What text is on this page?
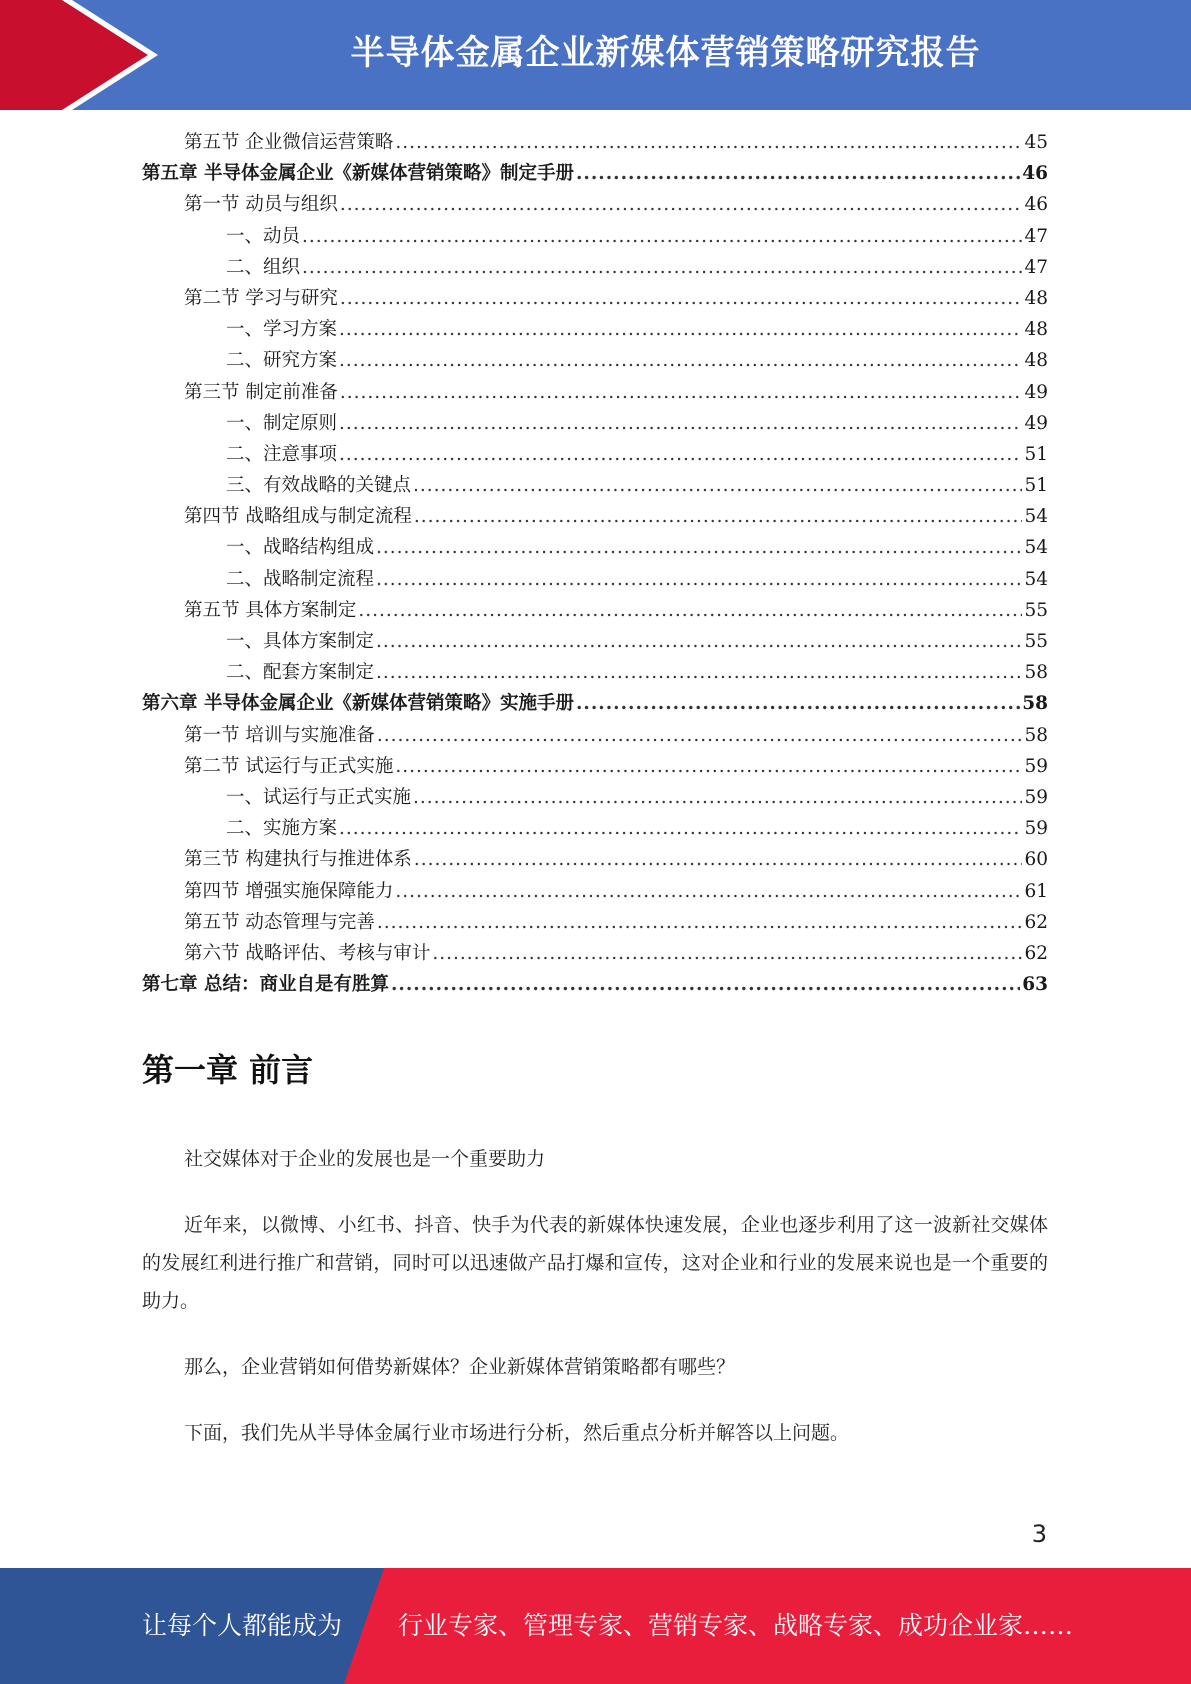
半导体金属企业新媒体营销策略研究报告
第五节 企业微信运营策略 .....	45
第五章 半导体金属企业《新媒体营销策略》制定手册 .....	46
第一节 动员与组织 .....	46
一、动员 .....	47
二、组织 .....	47
第二节 学习与研究 .....	48
一、学习方案 .....	48
二、研究方案 .....	48
第三节 制定前准备 .....	49
一、制定原则 .....	49
二、注意事项 .....	51
三、有效战略的关键点 .....	51
第四节 战略组成与制定流程 .....	54
一、战略结构组成 .....	54
二、战略制定流程 .....	54
第五节 具体方案制定 .....	55
一、具体方案制定 .....	55
二、配套方案制定 .....	58
第六章 半导体金属企业《新媒体营销策略》实施手册 .....	58
第一节 培训与实施准备 .....	58
第二节 试运行与正式实施 .....	59
一、试运行与正式实施 .....	59
二、实施方案 .....	59
第三节 构建执行与推进体系 .....	60
第四节 增强实施保障能力 .....	61
第五节 动态管理与完善 .....	62
第六节 战略评估、考核与审计 .....	62
第七章 总结：商业自是有胜算 .....	63
第一章 前言

社交媒体对于企业的发展也是一个重要助力

近年来，以微博、小红书、抖音、快手为代表的新媒体快速发展，企业也逐步利用了这一波新社交媒体的发展红利进行推广和营销，同时可以迅速做产品打爆和宣传，这对企业和行业的发展来说也是一个重要的助力。

那么，企业营销如何借势新媒体？企业新媒体营销策略都有哪些？

下面，我们先从半导体金属行业市场进行分析，然后重点分析并解答以上问题。

3
让每个人都能成为 行业专家、管理专家、营销专家、战略专家、成功企业家……
